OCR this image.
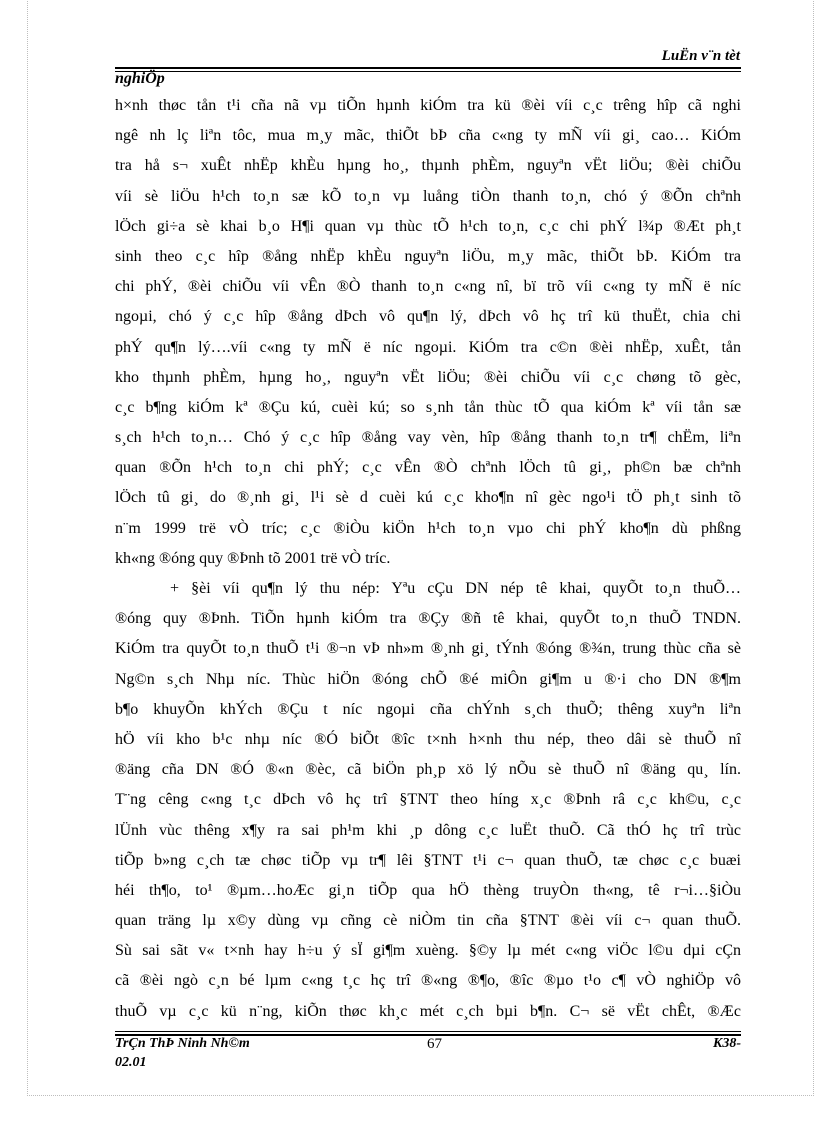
LuËn v¨n tèt
nghiÖp
h×nh thøc tån t¹i cña nã vµ tiÕn hµnh kiÓm tra kü ®èi víi c¸c trêng hîp cã nghi
ngê nh lç liªn tôc, mua m¸y mãc, thiÕt bÞ cña c«ng ty mÑ víi gi¸ cao… KiÓm
tra hå s¬ xuÊt nhËp khÈu hµng ho¸, thµnh phÈm, nguyªn vËt liÖu; ®èi chiÕu
víi sè liÖu h¹ch to¸n sæ kÕ to¸n vµ luång tiÒn thanh to¸n, chó ý ®Õn chªnh
lÖch gi÷a sè khai b¸o H¶i quan vµ thùc tÕ h¹ch to¸n, c¸c chi phÝ l¾p ®Æt ph¸t
sinh theo c¸c hîp ®ång nhËp khÈu nguyªn liÖu, m¸y mãc, thiÕt bÞ. KiÓm tra
chi phÝ, ®èi chiÕu víi vÊn ®Ò thanh to¸n c«ng nî, bï trõ víi c«ng ty mÑ ë níc
ngoµi, chó ý c¸c hîp ®ång dÞch vô qu¶n lý, dÞch vô hç trî kü thuËt, chia chi
phÝ qu¶n lý….víi c«ng ty mÑ ë níc ngoµi. KiÓm tra c©n ®èi nhËp, xuÊt, tån
kho thµnh phÈm, hµng ho¸, nguyªn vËt liÖu; ®èi chiÕu víi c¸c chøng tõ gèc,
c¸c b¶ng kiÓm kª ®Çu kú, cuèi kú; so s¸nh tån thùc tÕ qua kiÓm kª víi tån sæ
s¸ch h¹ch to¸n… Chó ý c¸c hîp ®ång vay vèn, hîp ®ång thanh to¸n tr¶ chËm, liªn
quan ®Õn h¹ch to¸n chi phÝ; c¸c vÊn ®Ò chªnh lÖch tû gi¸, ph©n bæ chªnh
lÖch tû gi¸ do ®¸nh gi¸ l¹i sè d cuèi kú c¸c kho¶n nî gèc ngo¹i tÖ ph¸t sinh tõ
n¨m 1999 trë vÒ tríc; c¸c ®iÒu kiÖn h¹ch to¸n vµo chi phÝ kho¶n dù phßng
kh«ng ®óng quy ®Þnh tõ 2001 trë vÒ tríc.
+ §èi víi qu¶n lý thu nép: Yªu cÇu DN nép tê khai, quyÕt to¸n thuÕ…
®óng quy ®Þnh. TiÕn hµnh kiÓm tra ®Çy ®ñ tê khai, quyÕt to¸n thuÕ TNDN.
KiÓm tra quyÕt to¸n thuÕ t¹i ®¬n vÞ nh»m ®¸nh gi¸ tÝnh ®óng ®¾n, trung thùc cña sè
Ng©n s¸ch Nhµ níc. Thùc hiÖn ®óng chÕ ®é miÔn gi¶m u ®·i cho DN ®¶m
b¶o khuyÕn khÝch ®Çu t níc ngoµi cña chÝnh s¸ch thuÕ; thêng xuyªn liªn
hÖ víi kho b¹c nhµ níc ®Ó biÕt ®îc t×nh h×nh thu nép, theo dâi sè thuÕ nî
®äng cña DN ®Ó ®«n ®èc, cã biÖn ph¸p xö lý nÕu sè thuÕ nî ®äng qu¸ lín.
T¨ng cêng c«ng t¸c dÞch vô hç trî §TNT theo híng x¸c ®Þnh râ c¸c kh©u, c¸c
lÜnh vùc thêng x¶y ra sai ph¹m khi ¸p dông c¸c luËt thuÕ. Cã thÓ hç trî trùc
tiÕp b»ng c¸ch tæ chøc tiÕp vµ tr¶ lêi §TNT t¹i c¬ quan thuÕ, tæ chøc c¸c buæi
héi th¶o, to¹ ®µm…hoÆc gi¸n tiÕp qua hÖ thèng truyÒn th«ng, tê r¬i…§iÒu
quan träng lµ x©y dùng vµ cñng cè niÒm tin cña §TNT ®èi víi c¬ quan thuÕ.
Sù sai sãt v« t×nh hay h÷u ý sÏ gi¶m xuèng. §©y lµ mét c«ng viÖc l©u dµi cÇn
cã ®èi ngò c¸n bé lµm c«ng t¸c hç trî ®«ng ®¶o, ®îc ®µo t¹o c¶ vÒ nghiÖp vô
thuÕ vµ c¸c kü n¨ng, kiÕn thøc kh¸c mét c¸ch bµi b¶n. C¬ së vËt chÊt, ®Æc
TrÇn ThÞ Ninh Nh©m	67	K38-
02.01
